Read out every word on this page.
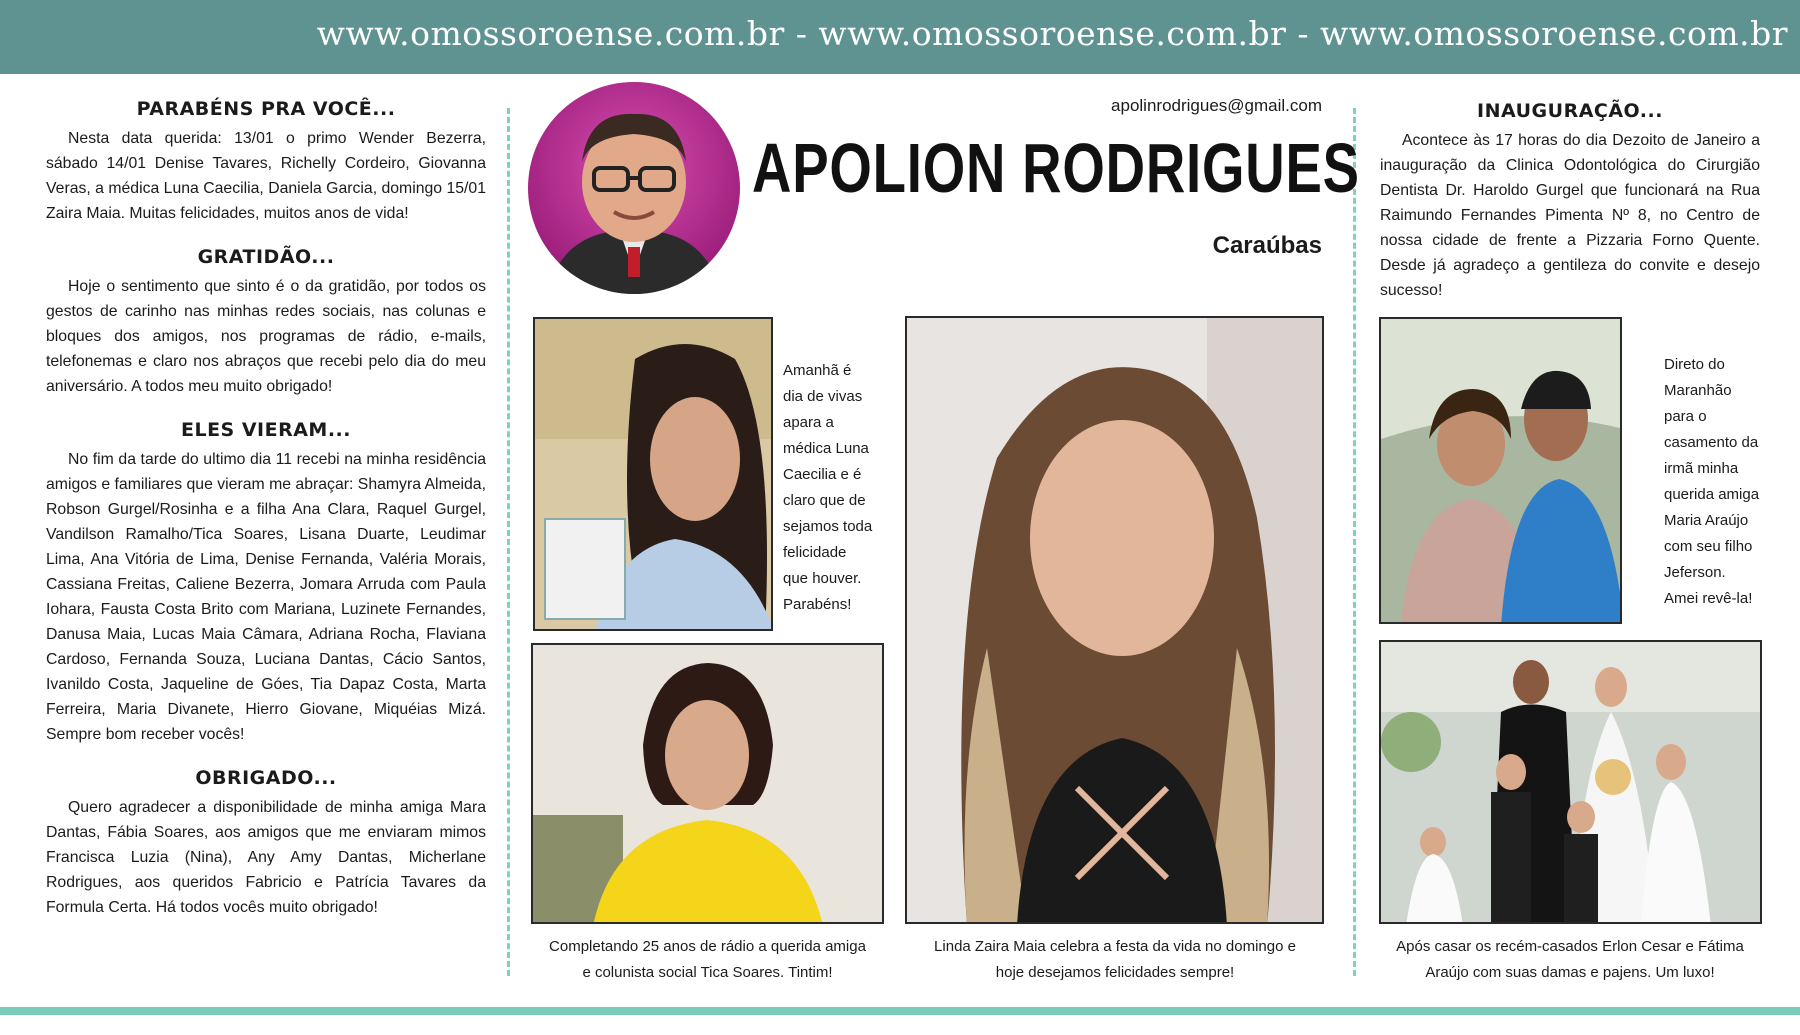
www.omossoroense.com.br - www.omossoroense.com.br - www.omossoroense.com.br
PARABÉNS PRA VOCÊ...

Nesta data querida: 13/01 o primo Wender Bezerra, sábado 14/01 Denise Tavares, Richelly Cordeiro, Giovanna Veras, a médica Luna Caecilia, Daniela Garcia, domingo 15/01 Zaira Maia. Muitas felicidades, muitos anos de vida!

GRATIDÃO...

Hoje o sentimento que sinto é o da gratidão, por todos os gestos de carinho nas minhas redes sociais, nas colunas e bloques dos amigos, nos programas de rádio, e-mails, telefonemas e claro nos abraços que recebi pelo dia do meu aniversário. A todos meu muito obrigado!

ELES VIERAM...

No fim da tarde do ultimo dia 11 recebi na minha residência amigos e familiares que vieram me abraçar: Shamyra Almeida, Robson Gurgel/Rosinha e a filha Ana Clara, Raquel Gurgel, Vandilson Ramalho/Tica Soares, Lisana Duarte, Leudimar Lima, Ana Vitória de Lima, Denise Fernanda, Valéria Morais, Cassiana Freitas, Caliene Bezerra, Jomara Arruda com Paula Iohara, Fausta Costa Brito com Mariana, Luzinete Fernandes, Danusa Maia, Lucas Maia Câmara, Adriana Rocha, Flaviana Cardoso, Fernanda Souza, Luciana Dantas, Cácio Santos, Ivanildo Costa, Jaqueline de Góes, Tia Dapaz Costa, Marta Ferreira, Maria Divanete, Hierro Giovane, Miquéias Mizá. Sempre bom receber vocês!

OBRIGADO...

Quero agradecer a disponibilidade de minha amiga Mara Dantas, Fábia Soares, aos amigos que me enviaram mimos Francisca Luzia (Nina), Any Amy Dantas, Micherlane Rodrigues, aos queridos Fabricio e Patrícia Tavares da Formula Certa. Há todos vocês muito obrigado!

apolinrodrigues@gmail.com
APOLION RODRIGUES
Caraúbas
Amanhã é dia de vivas apara a médica Luna Caecilia e é claro que de sejamos toda felicidade que houver. Parabéns!
Completando 25 anos de rádio a querida amiga e colunista social Tica Soares. Tintim!
Linda Zaira Maia celebra a festa da vida no domingo e hoje desejamos felicidades sempre!
INAUGURAÇÃO...

Acontece às 17 horas do dia Dezoito de Janeiro a inauguração da Clinica Odontológica do Cirurgião Dentista Dr. Haroldo Gurgel que funcionará na Rua Raimundo Fernandes Pimenta Nº 8, no Centro de nossa cidade de frente a Pizzaria Forno Quente. Desde já agradeço a gentileza do convite e desejo sucesso!

Direto do Maranhão para o casamento da irmã minha querida amiga Maria Araújo com seu filho Jeferson. Amei revê-la!
Após casar os recém-casados Erlon Cesar e Fátima Araújo com suas damas e pajens. Um luxo!
